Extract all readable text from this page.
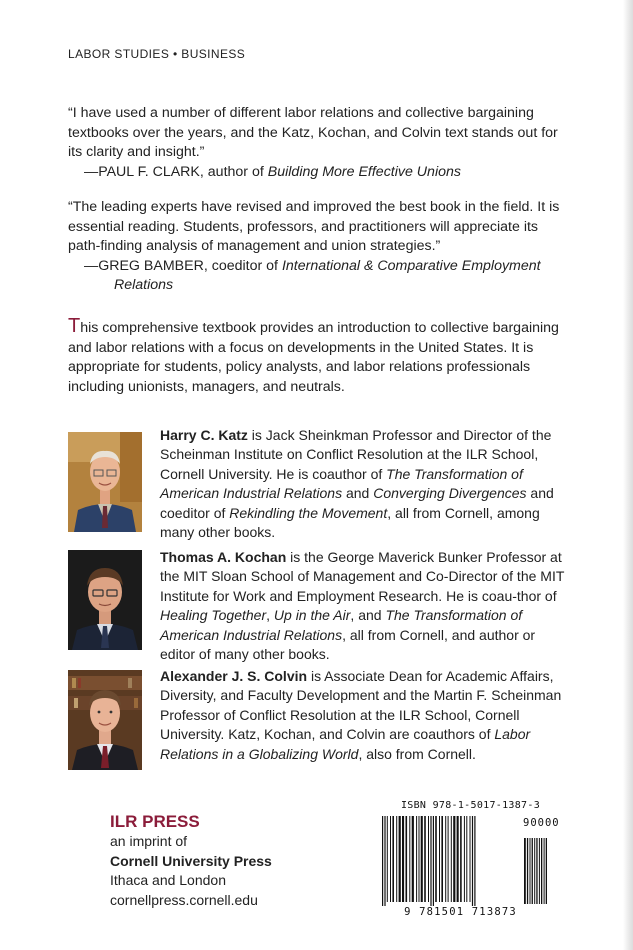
LABOR STUDIES • BUSINESS

“I have used a number of different labor relations and collective bargaining textbooks over the years, and the Katz, Kochan, and Colvin text stands out for its clarity and insight.”

—PAUL F. CLARK, author of Building More Effective Unions

“The leading experts have revised and improved the best book in the field. It is essential reading. Students, professors, and practitioners will appreciate its path-finding analysis of management and union strategies.”

—GREG BAMBER, coeditor of International & Comparative Employment
Relations

This comprehensive textbook provides an introduction to collective bargaining and labor relations with a focus on developments in the United States. It is appropriate for students, policy analysts, and labor relations professionals including unionists, managers, and neutrals.
Harry C. Katz is Jack Sheinkman Professor and Director of the Scheinman Institute on Conflict Resolution at the ILR School, Cornell University. He is coauthor of The Transformation of American Industrial Relations and Converging Divergences and coeditor of Rekindling the Movement, all from Cornell, among many other books.
Thomas A. Kochan is the George Maverick Bunker Professor at the MIT Sloan School of Management and Co-Director of the MIT Institute for Work and Employment Research. He is coau-thor of Healing Together, Up in the Air, and The Transformation of American Industrial Relations, all from Cornell, and author or editor of many other books.
Alexander J. S. Colvin is Associate Dean for Academic Affairs, Diversity, and Faculty Development and the Martin F. Scheinman Professor of Conflict Resolution at the ILR School, Cornell University. Katz, Kochan, and Colvin are coauthors of Labor Relations in a Globalizing World, also from Cornell.
ILR PRESS
an imprint of
Cornell University Press
Ithaca and London
cornellpress.cornell.edu
ISBN 978-1-5017-1387-3
90000
9 781501 713873
